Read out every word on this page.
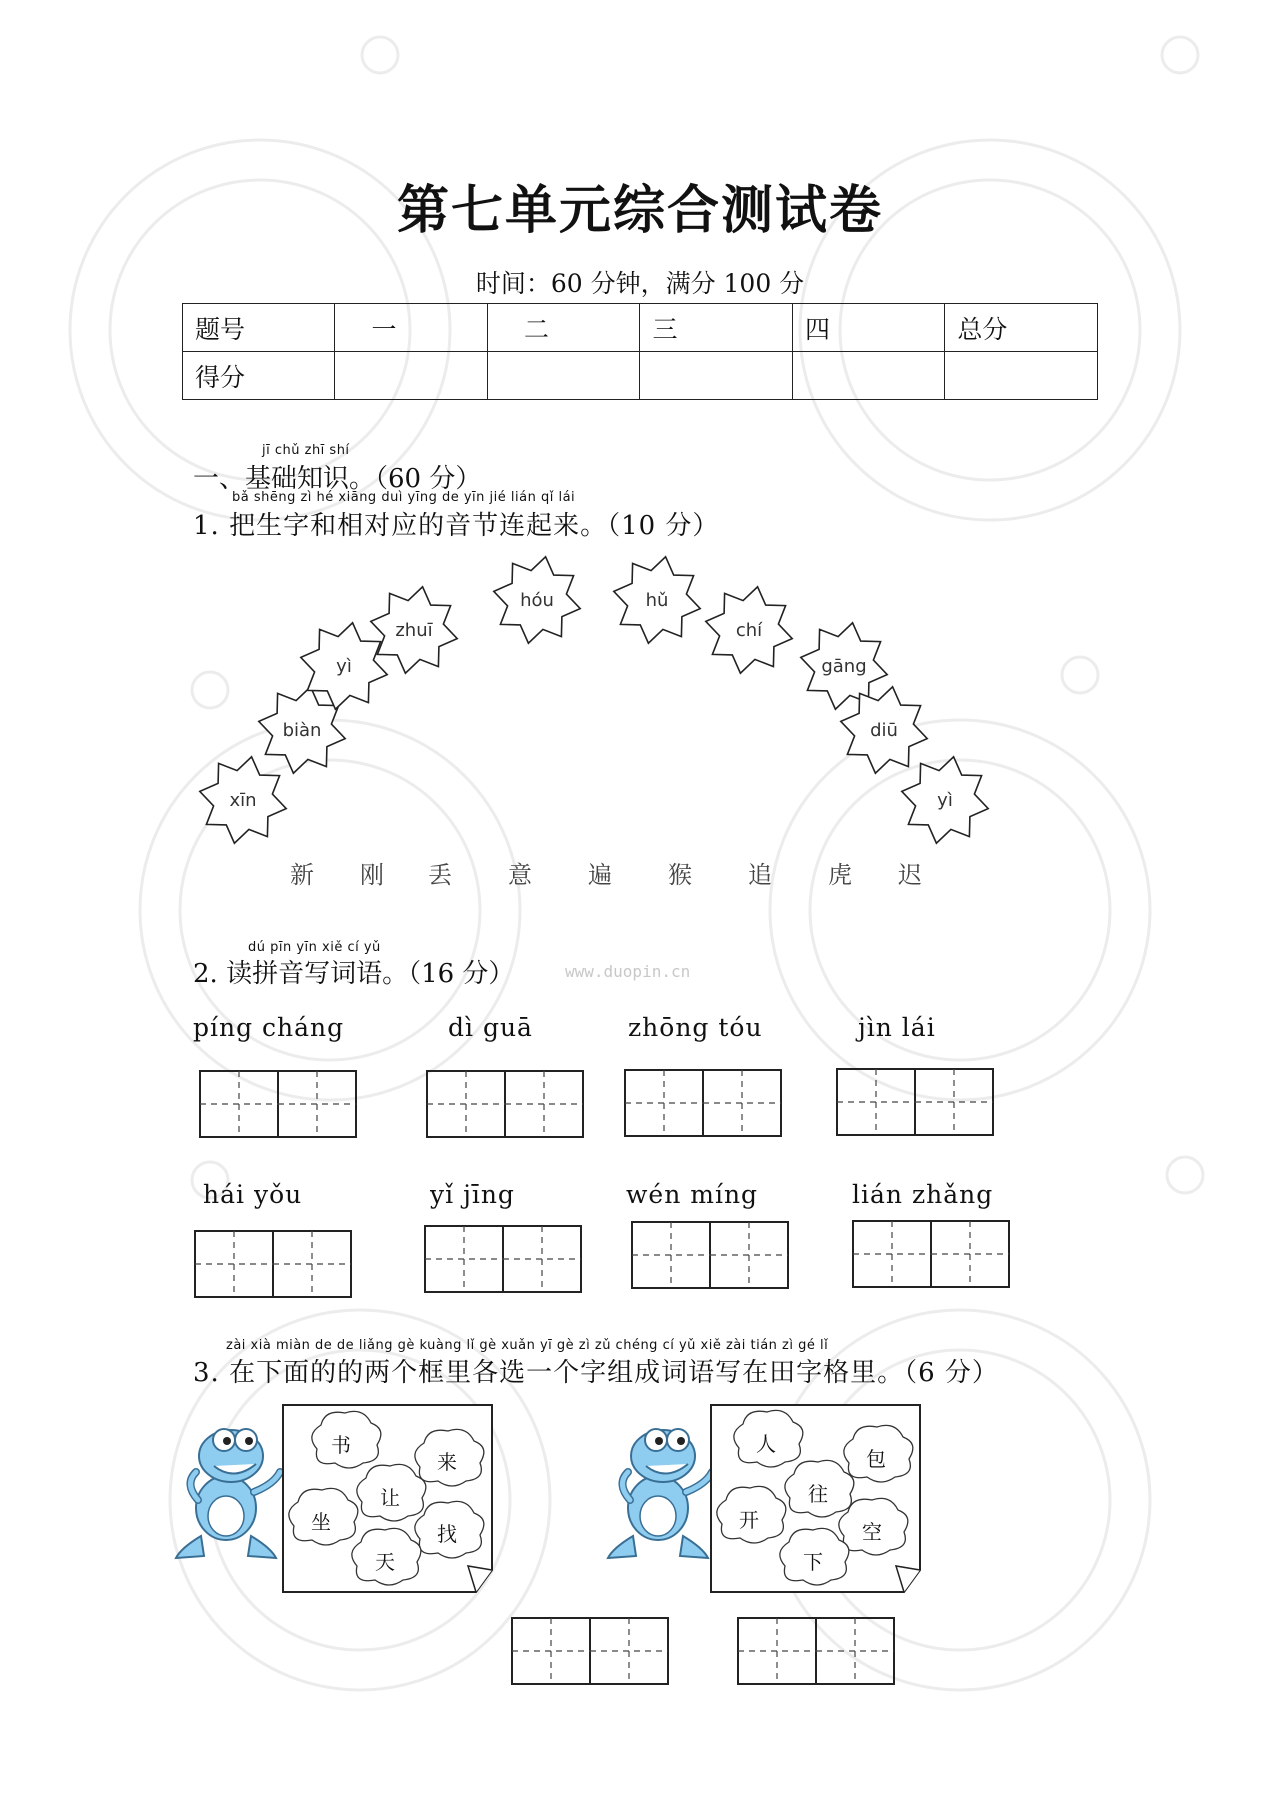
第七单元综合测试卷
时间：60 分钟，满分 100 分
题号	一	二	三	四	总分
得分					
jī chǔ zhī shí
一、基础知识。（60 分）
bǎ shēng zì hé xiāng duì yīng de yīn jié lián qǐ lái
1. 把生字和相对应的音节连起来。（10 分）
xīn
biàn
yì
zhuī
hóu	hǔ
chí
gāng
diū
yì
新 刚 丢 意 遍 猴 追 虎 迟
dú pīn yīn xiě cí yǔ
2. 读拼音写词语。（16 分）	www.duopin.cn
píng cháng	dì guā	zhōng tóu	jìn lái
hái yǒu	yǐ jīng	wén míng	lián zhǎng
zài xià miàn de de liǎng gè kuàng lǐ gè xuǎn yī gè zì zǔ chéng cí yǔ xiě zài tián zì gé lǐ
3. 在下面的的两个框里各选一个字组成词语写在田字格里。（6 分）
书
来
让
坐	找
天
人
包
往
开	空
下
